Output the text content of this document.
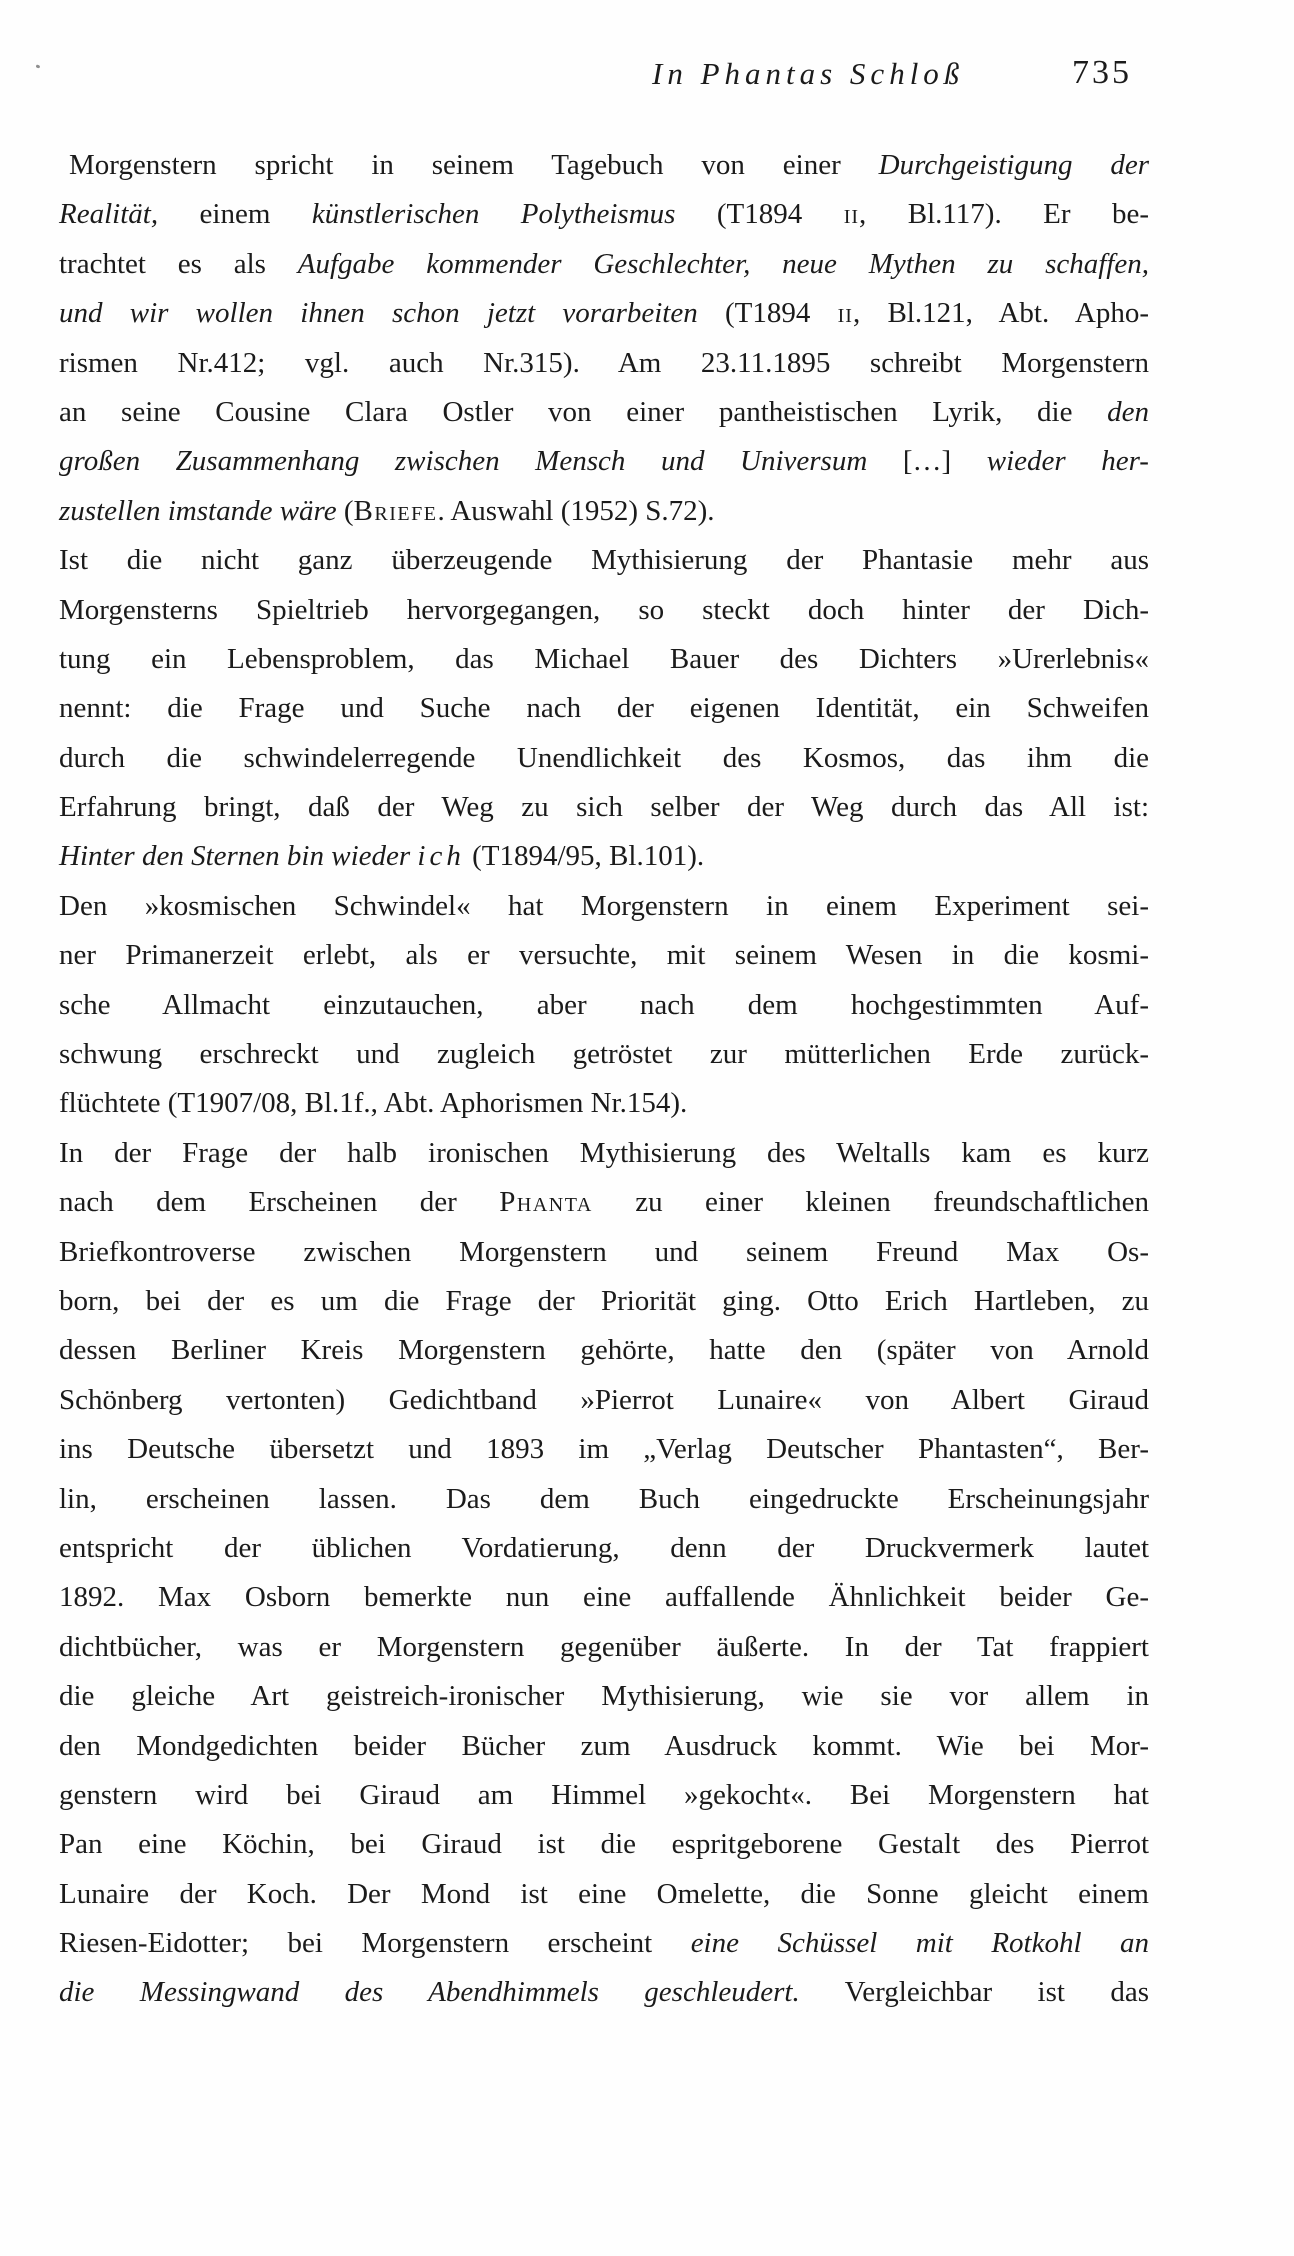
In Phantas Schloß	735
Morgenstern spricht in seinem Tagebuch von einer Durchgeistigung der
Realität, einem künstlerischen Polytheismus (T1894 ii, Bl.117). Er be-
trachtet es als Aufgabe kommender Geschlechter, neue Mythen zu schaffen,
und wir wollen ihnen schon jetzt vorarbeiten (T1894 ii, Bl.121, Abt. Apho-
rismen Nr.412; vgl. auch Nr.315). Am 23.11.1895 schreibt Morgenstern
an seine Cousine Clara Ostler von einer pantheistischen Lyrik, die den
großen Zusammenhang zwischen Mensch und Universum […] wieder her-
zustellen imstande wäre (Briefe. Auswahl (1952) S.72).
Ist die nicht ganz überzeugende Mythisierung der Phantasie mehr aus
Morgensterns Spieltrieb hervorgegangen, so steckt doch hinter der Dich-
tung ein Lebensproblem, das Michael Bauer des Dichters »Urerlebnis«
nennt: die Frage und Suche nach der eigenen Identität, ein Schweifen
durch die schwindelerregende Unendlichkeit des Kosmos, das ihm die
Erfahrung bringt, daß der Weg zu sich selber der Weg durch das All ist:
Hinter den Sternen bin wieder ich (T1894/95, Bl.101).
Den »kosmischen Schwindel« hat Morgenstern in einem Experiment sei-
ner Primanerzeit erlebt, als er versuchte, mit seinem Wesen in die kosmi-
sche Allmacht einzutauchen, aber nach dem hochgestimmten Auf-
schwung erschreckt und zugleich getröstet zur mütterlichen Erde zurück-
flüchtete (T1907/08, Bl.1f., Abt. Aphorismen Nr.154).
In der Frage der halb ironischen Mythisierung des Weltalls kam es kurz
nach dem Erscheinen der Phanta zu einer kleinen freundschaftlichen
Briefkontroverse zwischen Morgenstern und seinem Freund Max Os-
born, bei der es um die Frage der Priorität ging. Otto Erich Hartleben, zu
dessen Berliner Kreis Morgenstern gehörte, hatte den (später von Arnold
Schönberg vertonten) Gedichtband »Pierrot Lunaire« von Albert Giraud
ins Deutsche übersetzt und 1893 im „Verlag Deutscher Phantasten“, Ber-
lin, erscheinen lassen. Das dem Buch eingedruckte Erscheinungsjahr
entspricht der üblichen Vordatierung, denn der Druckvermerk lautet
1892. Max Osborn bemerkte nun eine auffallende Ähnlichkeit beider Ge-
dichtbücher, was er Morgenstern gegenüber äußerte. In der Tat frappiert
die gleiche Art geistreich-ironischer Mythisierung, wie sie vor allem in
den Mondgedichten beider Bücher zum Ausdruck kommt. Wie bei Mor-
genstern wird bei Giraud am Himmel »gekocht«. Bei Morgenstern hat
Pan eine Köchin, bei Giraud ist die espritgeborene Gestalt des Pierrot
Lunaire der Koch. Der Mond ist eine Omelette, die Sonne gleicht einem
Riesen-Eidotter; bei Morgenstern erscheint eine Schüssel mit Rotkohl an
die Messingwand des Abendhimmels geschleudert. Vergleichbar ist das
